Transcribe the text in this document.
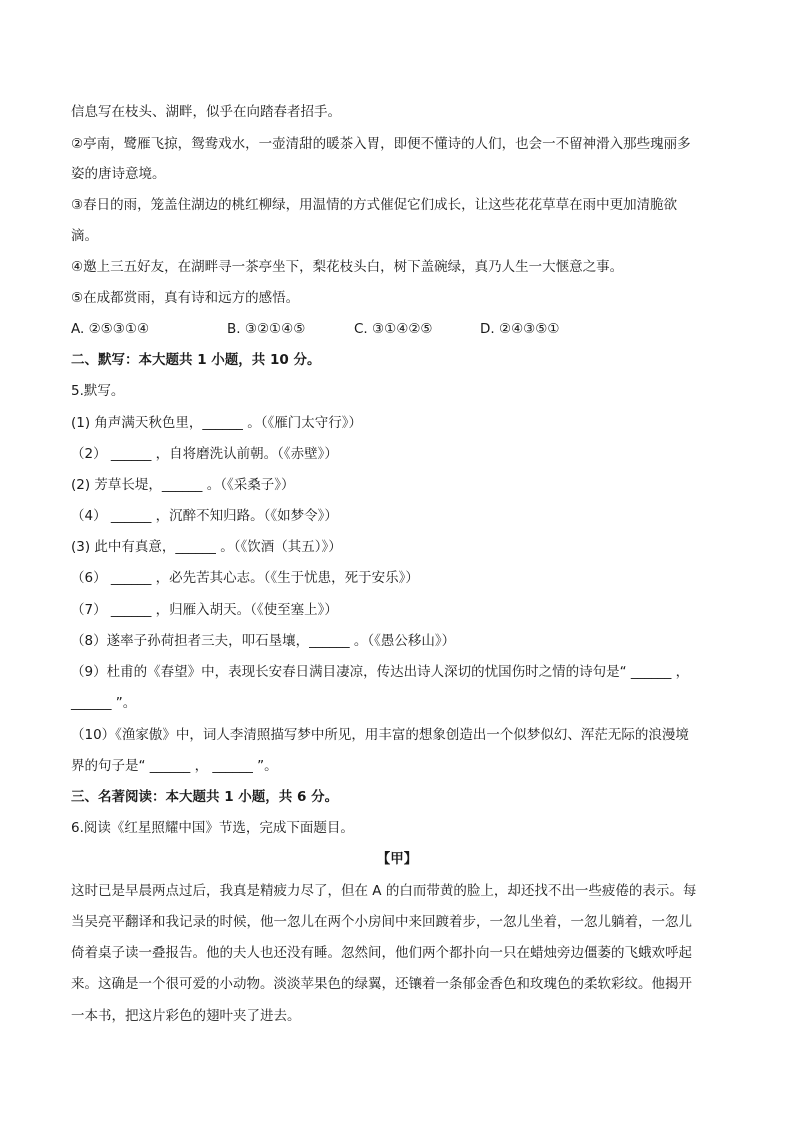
信息写在枝头、湖畔，似乎在向踏春者招手。
②亭南，鹭雁飞掠，鸳鸯戏水，一壶清甜的暖茶入胃，即便不懂诗的人们，也会一不留神滑入那些瑰丽多
姿的唐诗意境。
③春日的雨，笼盖住湖边的桃红柳绿，用温情的方式催促它们成长，让这些花花草草在雨中更加清脆欲
滴。
④邀上三五好友，在湖畔寻一茶亭坐下，梨花枝头白，树下盖碗绿，真乃人生一大惬意之事。
⑤在成都赏雨，真有诗和远方的感悟。
A. ②⑤③①④	B. ③②①④⑤	C. ③①④②⑤	D. ②④③⑤①
二、默写：本大题共 1 小题，共 10 分。
5.默写。
(1) 角声满天秋色里，______ 。（《雁门太守行》）
（2） ______ ，自将磨洗认前朝。（《赤壁》）
(2) 芳草长堤，______ 。（《采桑子》）
（4） ______ ，沉醉不知归路。（《如梦令》）
(3) 此中有真意，______ 。（《饮酒（其五）》）
（6） ______ ，必先苦其心志。（《生于忧患，死于安乐》）
（7） ______ ，归雁入胡天。（《使至塞上》）
（8）遂率子孙荷担者三夫，叩石垦壤，______ 。（《愚公移山》）
（9）杜甫的《春望》中，表现长安春日满目凄凉，传达出诗人深切的忧国伤时之情的诗句是“ ______ ，
______ ”。
（10）《渔家傲》中，词人李清照描写梦中所见，用丰富的想象创造出一个似梦似幻、浑茫无际的浪漫境
界的句子是“ ______ ， ______ ”。
三、名著阅读：本大题共 1 小题，共 6 分。
6.阅读《红星照耀中国》节选，完成下面题目。
【甲】
这时已是早晨两点过后，我真是精疲力尽了，但在 A 的白而带黄的脸上，却还找不出一些疲倦的表示。每
当吴亮平翻译和我记录的时候，他一忽儿在两个小房间中来回踱着步，一忽儿坐着，一忽儿躺着，一忽儿
倚着桌子读一叠报告。他的夫人也还没有睡。忽然间，他们两个都扑向一只在蜡烛旁边僵萎的飞蛾欢呼起
来。这确是一个很可爱的小动物。淡淡苹果色的绿翼，还镶着一条郁金香色和玫瑰色的柔软彩纹。他揭开
一本书，把这片彩色的翅叶夹了进去。
